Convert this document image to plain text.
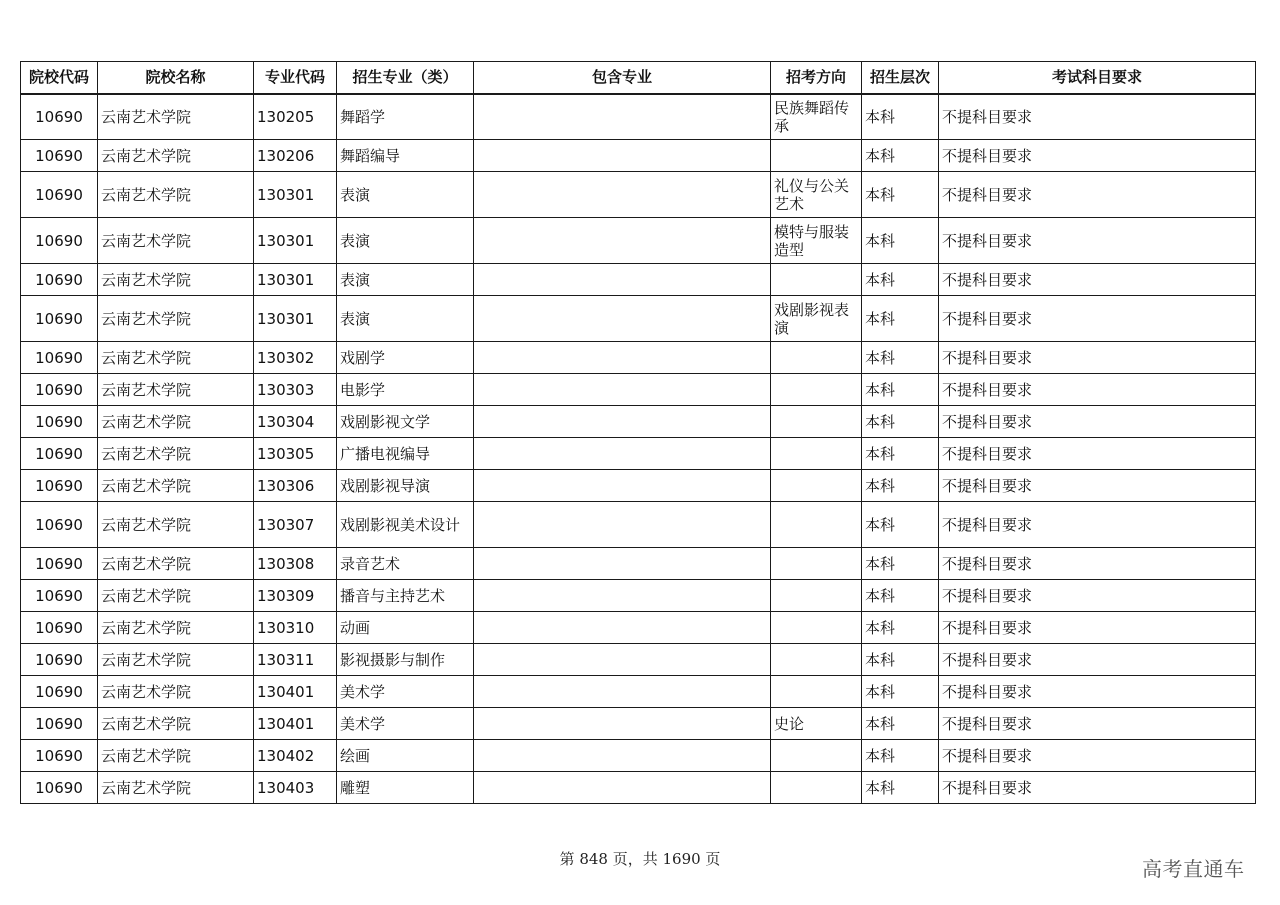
院校代码	院校名称	专业代码	招生专业（类）	包含专业	招考方向	招生层次	考试科目要求
10690	云南艺术学院	130205	舞蹈学		民族舞蹈传承	本科	不提科目要求
10690	云南艺术学院	130206	舞蹈编导			本科	不提科目要求
10690	云南艺术学院	130301	表演		礼仪与公关艺术	本科	不提科目要求
10690	云南艺术学院	130301	表演		模特与服装造型	本科	不提科目要求
10690	云南艺术学院	130301	表演			本科	不提科目要求
10690	云南艺术学院	130301	表演		戏剧影视表演	本科	不提科目要求
10690	云南艺术学院	130302	戏剧学			本科	不提科目要求
10690	云南艺术学院	130303	电影学			本科	不提科目要求
10690	云南艺术学院	130304	戏剧影视文学			本科	不提科目要求
10690	云南艺术学院	130305	广播电视编导			本科	不提科目要求
10690	云南艺术学院	130306	戏剧影视导演			本科	不提科目要求
10690	云南艺术学院	130307	戏剧影视美术设计			本科	不提科目要求
10690	云南艺术学院	130308	录音艺术			本科	不提科目要求
10690	云南艺术学院	130309	播音与主持艺术			本科	不提科目要求
10690	云南艺术学院	130310	动画			本科	不提科目要求
10690	云南艺术学院	130311	影视摄影与制作			本科	不提科目要求
10690	云南艺术学院	130401	美术学			本科	不提科目要求
10690	云南艺术学院	130401	美术学		史论	本科	不提科目要求
10690	云南艺术学院	130402	绘画			本科	不提科目要求
10690	云南艺术学院	130403	雕塑			本科	不提科目要求
第 848 页，共 1690 页	高考直通车
